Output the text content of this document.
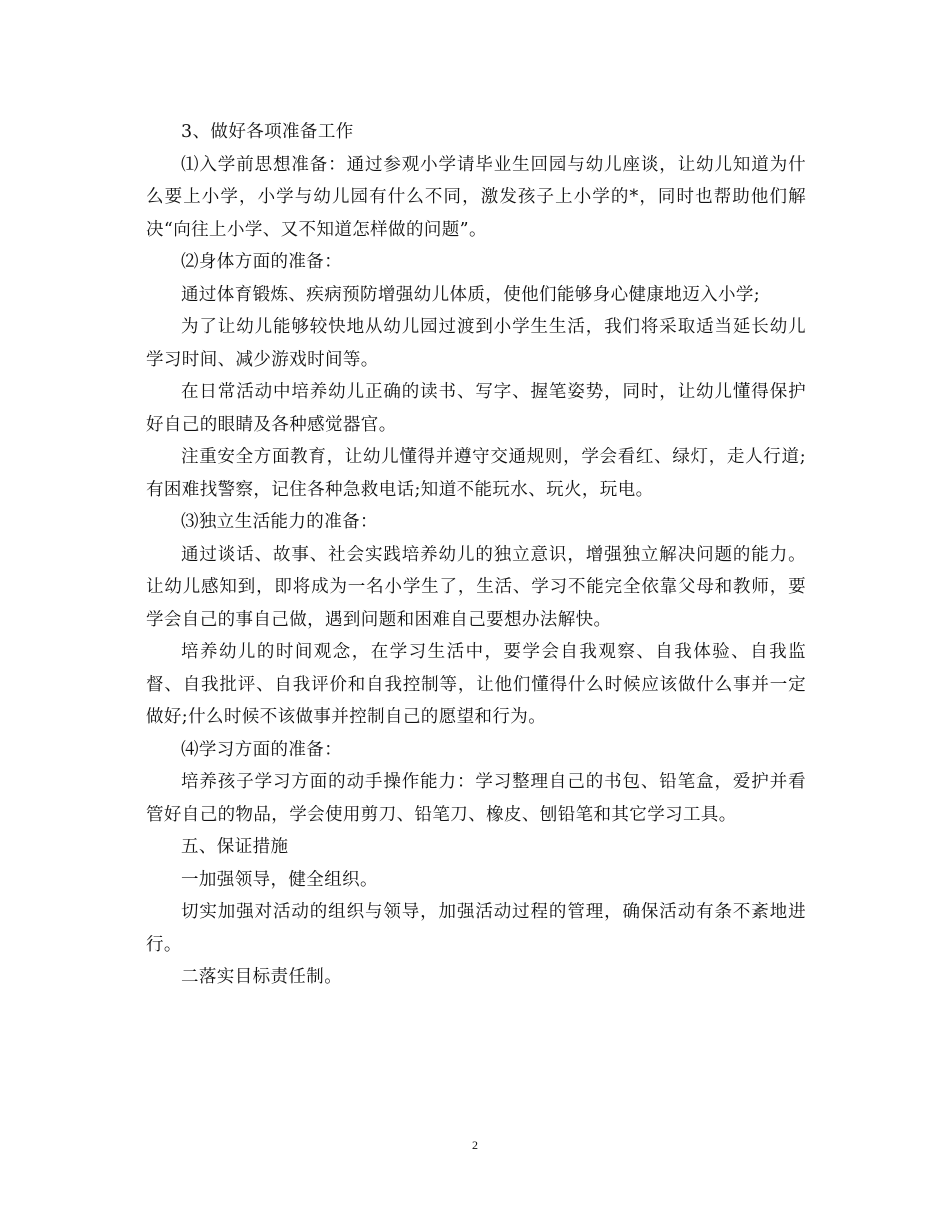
3、做好各项准备工作

⑴入学前思想准备：通过参观小学请毕业生回园与幼儿座谈，让幼儿知道为什么要上小学，小学与幼儿园有什么不同，激发孩子上小学的*，同时也帮助他们解决“向往上小学、又不知道怎样做的问题”。

⑵身体方面的准备：

通过体育锻炼、疾病预防增强幼儿体质，使他们能够身心健康地迈入小学;

为了让幼儿能够较快地从幼儿园过渡到小学生生活，我们将采取适当延长幼儿学习时间、减少游戏时间等。

在日常活动中培养幼儿正确的读书、写字、握笔姿势，同时，让幼儿懂得保护好自己的眼睛及各种感觉器官。

注重安全方面教育，让幼儿懂得并遵守交通规则，学会看红、绿灯，走人行道;有困难找警察，记住各种急救电话;知道不能玩水、玩火，玩电。

⑶独立生活能力的准备：

通过谈话、故事、社会实践培养幼儿的独立意识，增强独立解决问题的能力。让幼儿感知到，即将成为一名小学生了，生活、学习不能完全依靠父母和教师，要学会自己的事自己做，遇到问题和困难自己要想办法解快。

培养幼儿的时间观念，在学习生活中，要学会自我观察、自我体验、自我监督、自我批评、自我评价和自我控制等，让他们懂得什么时候应该做什么事并一定做好;什么时候不该做事并控制自己的愿望和行为。

⑷学习方面的准备：

培养孩子学习方面的动手操作能力：学习整理自己的书包、铅笔盒，爱护并看管好自己的物品，学会使用剪刀、铅笔刀、橡皮、刨铅笔和其它学习工具。

五、保证措施

一加强领导，健全组织。

切实加强对活动的组织与领导，加强活动过程的管理，确保活动有条不紊地进行。

二落实目标责任制。

2
